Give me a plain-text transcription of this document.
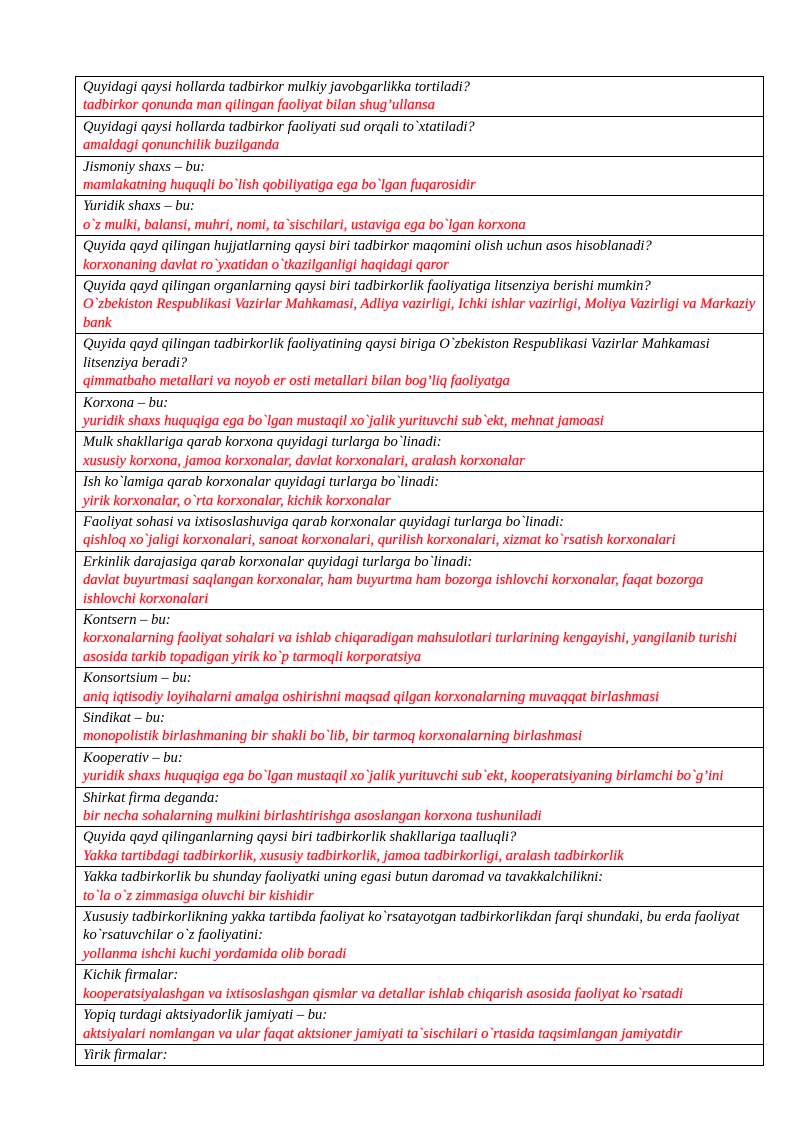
Quyidagi qaysi hollarda tadbirkor mulkiy javobgarlikka tortiladi?
tadbirkor qonunda man qilingan faoliyat bilan shug’ullansa

Quyidagi qaysi hollarda tadbirkor faoliyati sud orqali to`xtatiladi?
amaldagi qonunchilik buzilganda

Jismoniy shaxs – bu:
mamlakatning huquqli bo`lish qobiliyatiga ega bo`lgan fuqarosidir

Yuridik shaxs – bu:
o`z mulki, balansi, muhri, nomi, ta`sischilari, ustaviga ega bo`lgan korxona

Quyida qayd qilingan hujjatlarning qaysi biri tadbirkor maqomini olish uchun asos hisoblanadi?
korxonaning davlat ro`yxatidan o`tkazilganligi haqidagi qaror

Quyida qayd qilingan organlarning qaysi biri tadbirkorlik faoliyatiga litsenziya berishi mumkin?
O`zbekiston Respublikasi Vazirlar Mahkamasi, Adliya vazirligi, Ichki ishlar vazirligi, Moliya Vazirligi va Markaziy bank

Quyida qayd qilingan tadbirkorlik faoliyatining qaysi biriga O`zbekiston Respublikasi Vazirlar Mahkamasi litsenziya beradi?
qimmatbaho metallari va noyob er osti metallari bilan bog’liq faoliyatga

Korxona – bu:
yuridik shaxs huquqiga ega bo`lgan mustaqil xo`jalik yurituvchi sub`ekt, mehnat jamoasi

Mulk shakllariga qarab korxona quyidagi turlarga bo`linadi:
xususiy korxona, jamoa korxonalar, davlat korxonalari, aralash korxonalar

Ish ko`lamiga qarab korxonalar quyidagi turlarga bo`linadi:
yirik korxonalar, o`rta korxonalar, kichik korxonalar

Faoliyat sohasi va ixtisoslashuviga qarab korxonalar quyidagi turlarga bo`linadi:
qishloq xo`jaligi korxonalari, sanoat korxonalari, qurilish korxonalari, xizmat ko`rsatish korxonalari

Erkinlik darajasiga qarab korxonalar quyidagi turlarga bo`linadi:
davlat buyurtmasi saqlangan korxonalar, ham buyurtma ham bozorga ishlovchi korxonalar, faqat bozorga ishlovchi korxonalari

Kontsern – bu:
korxonalarning faoliyat sohalari va ishlab chiqaradigan mahsulotlari turlarining kengayishi, yangilanib turishi asosida tarkib topadigan yirik ko`p tarmoqli korporatsiya

Konsortsium – bu:
aniq iqtisodiy loyihalarni amalga oshirishni maqsad qilgan korxonalarning muvaqqat birlashmasi

Sindikat – bu:
monopolistik birlashmaning bir shakli bo`lib, bir tarmoq korxonalarning birlashmasi

Kooperativ – bu:
yuridik shaxs huquqiga ega bo`lgan mustaqil xo`jalik yurituvchi sub`ekt, kooperatsiyaning birlamchi bo`g’ini

Shirkat firma deganda:
bir necha sohalarning mulkini birlashtirishga asoslangan korxona tushuniladi

Quyida qayd qilinganlarning qaysi biri tadbirkorlik shakllariga taalluqli?
Yakka tartibdagi tadbirkorlik, xususiy tadbirkorlik, jamoa tadbirkorligi, aralash tadbirkorlik

Yakka tadbirkorlik bu shunday faoliyatki uning egasi butun daromad va tavakkalchilikni:
to`la o`z zimmasiga oluvchi bir kishidir

Xususiy tadbirkorlikning yakka tartibda faoliyat ko`rsatayotgan tadbirkorlikdan farqi shundaki, bu erda faoliyat ko`rsatuvchilar o`z faoliyatini:
yollanma ishchi kuchi yordamida olib boradi

Kichik firmalar:
kooperatsiyalashgan va ixtisoslashgan qismlar va detallar ishlab chiqarish asosida faoliyat ko`rsatadi

Yopiq turdagi aktsiyadorlik jamiyati – bu:
aktsiyalari nomlangan va ular faqat aktsioner jamiyati ta`sischilari o`rtasida taqsimlangan jamiyatdir

Yirik firmalar:
